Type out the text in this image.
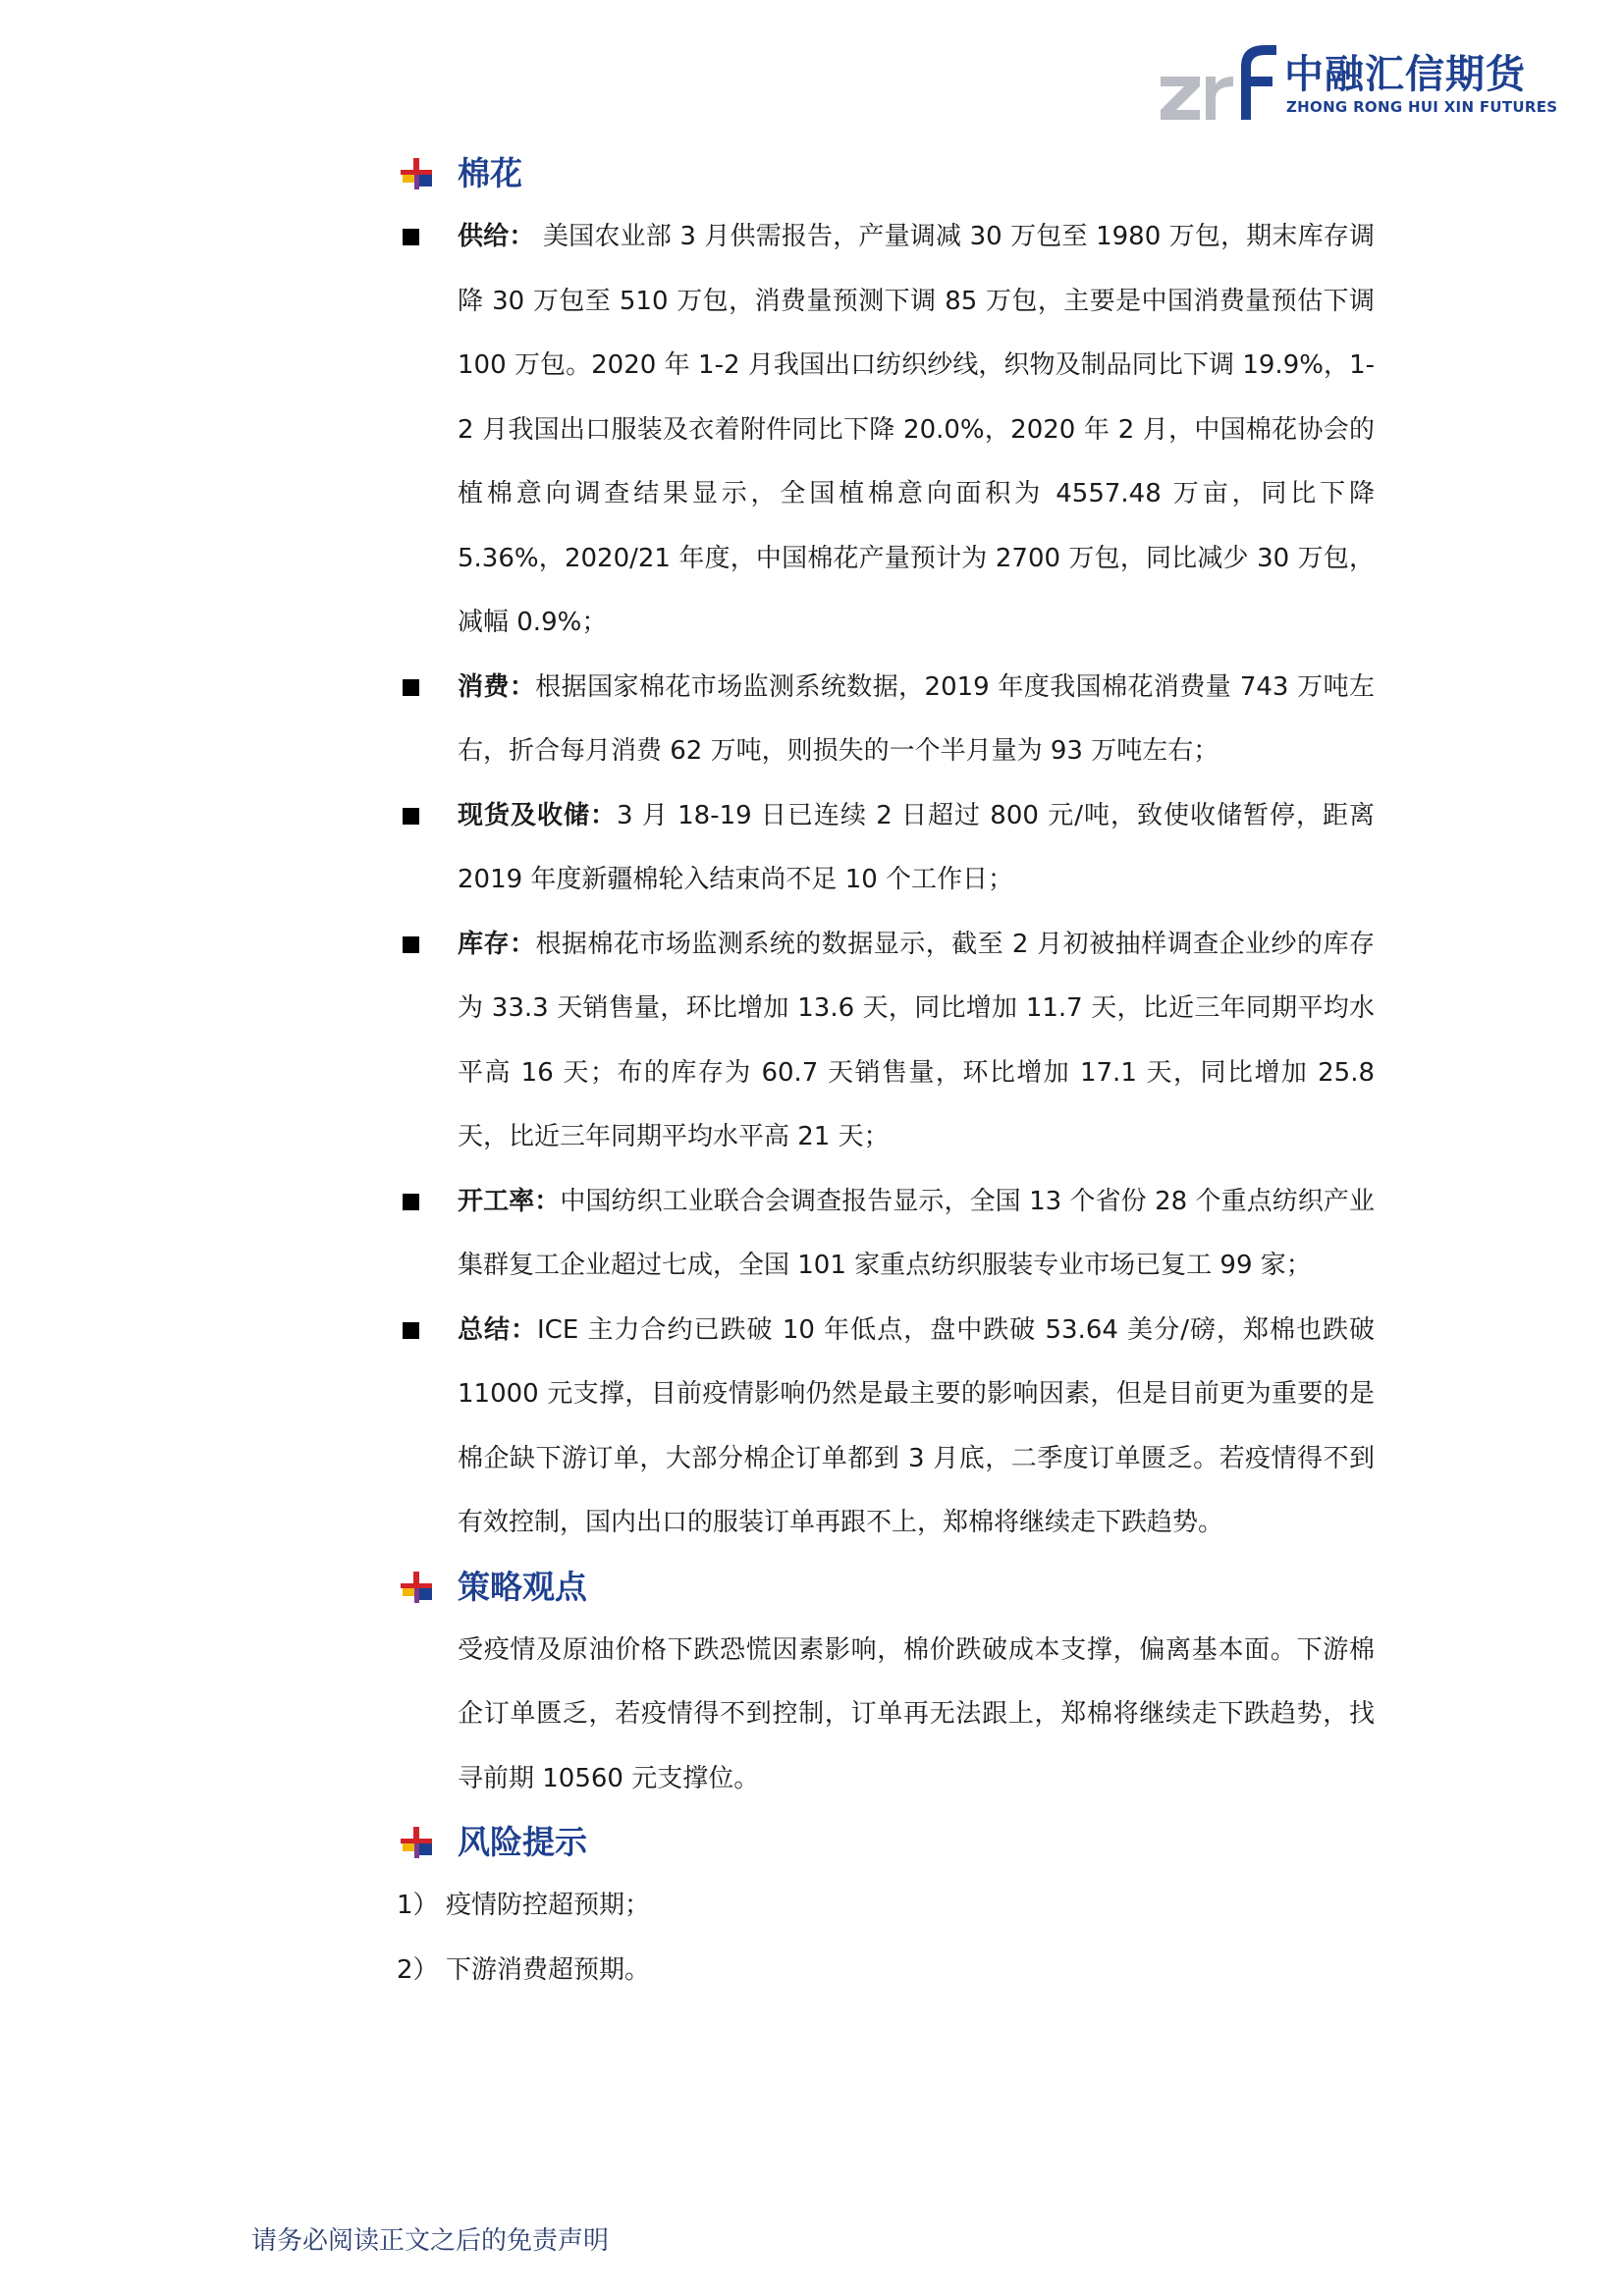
中融汇信期货
ZHONG RONG HUI XIN FUTURES
棉花
供给： 美国农业部 3 月供需报告，产量调减 30 万包至 1980 万包，期末库存调降 30 万包至 510 万包，消费量预测下调 85 万包，主要是中国消费量预估下调 100 万包。2020 年 1-2 月我国出口纺织纱线，织物及制品同比下调 19.9%，1-2 月我国出口服装及衣着附件同比下降 20.0%，2020 年 2 月，中国棉花协会的植棉意向调查结果显示，全国植棉意向面积为 4557.48 万亩，同比下降 5.36%，2020/21 年度，中国棉花产量预计为 2700 万包，同比减少 30 万包，减幅 0.9%；
消费：根据国家棉花市场监测系统数据，2019 年度我国棉花消费量 743 万吨左右，折合每月消费 62 万吨，则损失的一个半月量为 93 万吨左右；
现货及收储：3 月 18-19 日已连续 2 日超过 800 元/吨，致使收储暂停，距离 2019 年度新疆棉轮入结束尚不足 10 个工作日；
库存：根据棉花市场监测系统的数据显示，截至 2 月初被抽样调查企业纱的库存为 33.3 天销售量，环比增加 13.6 天，同比增加 11.7 天，比近三年同期平均水平高 16 天；布的库存为 60.7 天销售量，环比增加 17.1 天，同比增加 25.8 天，比近三年同期平均水平高 21 天；
开工率：中国纺织工业联合会调查报告显示，全国 13 个省份 28 个重点纺织产业集群复工企业超过七成，全国 101 家重点纺织服装专业市场已复工 99 家；
总结：ICE 主力合约已跌破 10 年低点，盘中跌破 53.64 美分/磅，郑棉也跌破 11000 元支撑，目前疫情影响仍然是最主要的影响因素，但是目前更为重要的是棉企缺下游订单，大部分棉企订单都到 3 月底，二季度订单匮乏。若疫情得不到有效控制，国内出口的服装订单再跟不上，郑棉将继续走下跌趋势。
策略观点
受疫情及原油价格下跌恐慌因素影响，棉价跌破成本支撑，偏离基本面。下游棉企订单匮乏，若疫情得不到控制，订单再无法跟上，郑棉将继续走下跌趋势，找寻前期 10560 元支撑位。
风险提示
1） 疫情防控超预期；
2） 下游消费超预期。
请务必阅读正文之后的免责声明
